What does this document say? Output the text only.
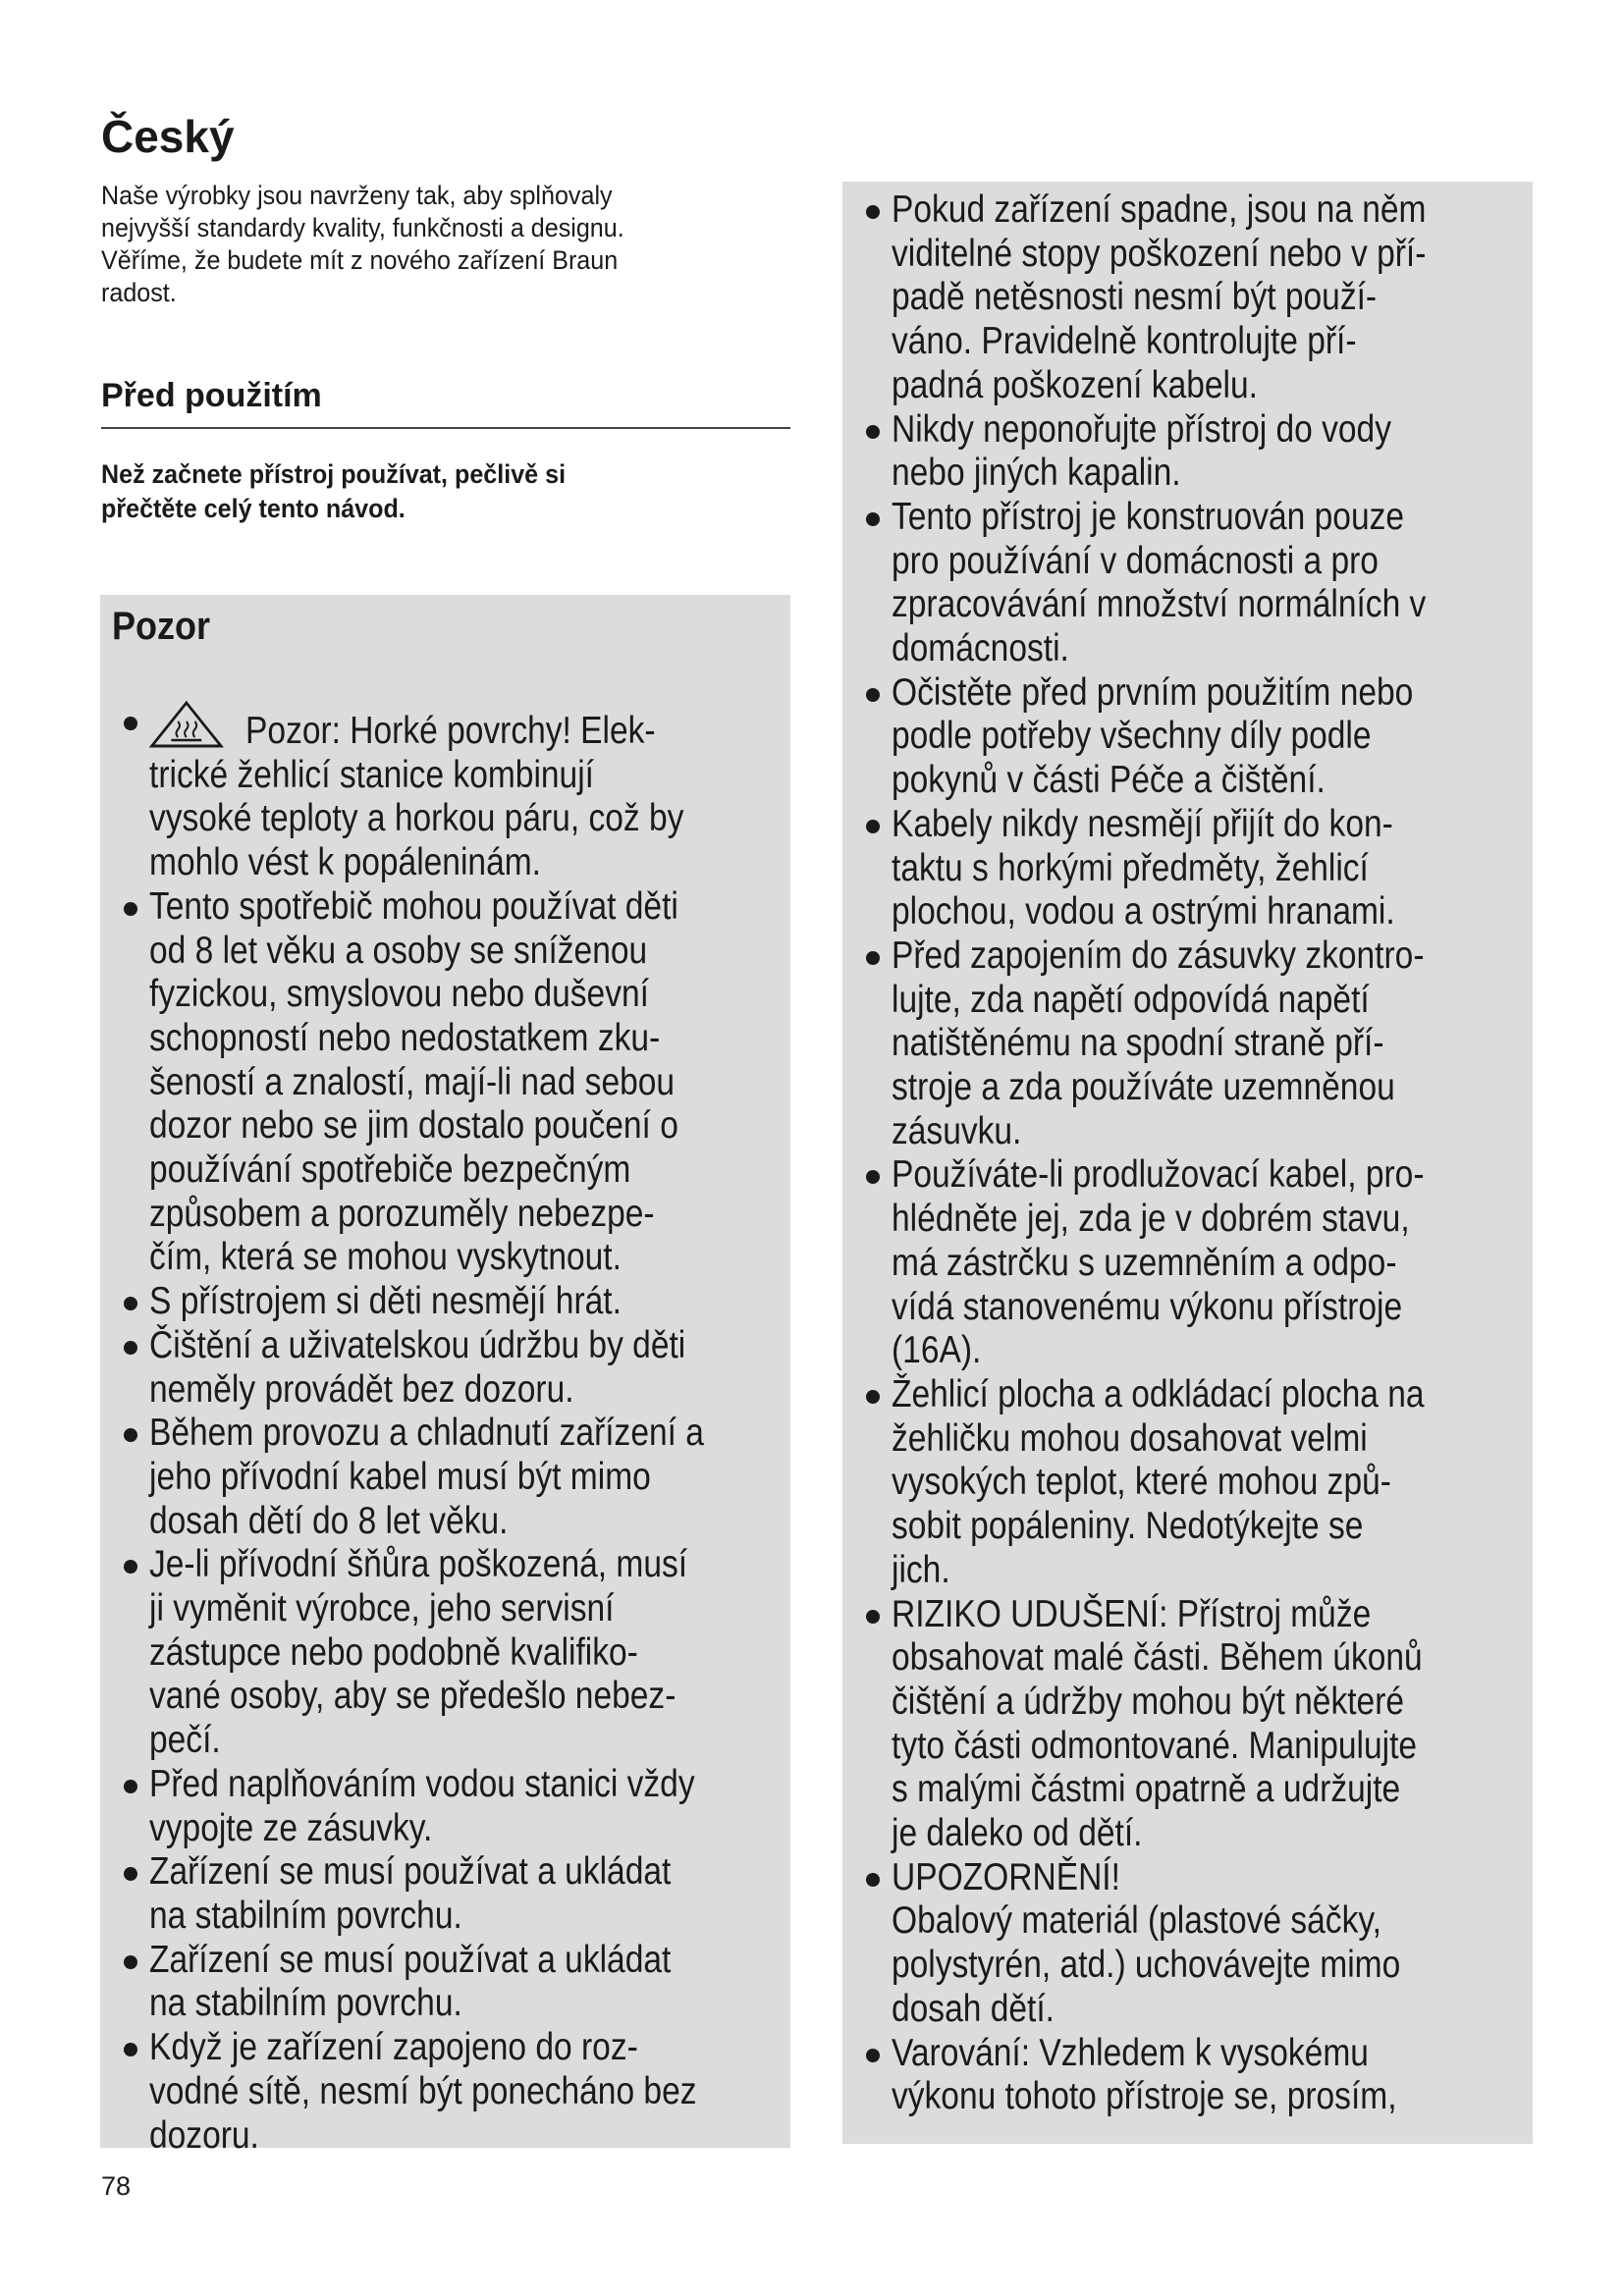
Český
Naše výrobky jsou navrženy tak, aby splňovaly
nejvyšší standardy kvality, funkčnosti a designu.
Věříme, že budete mít z nového zařízení Braun
radost.
Před použitím
Než začnete přístroj používat, pečlivě si
přečtěte celý tento návod.
Pozor
Pozor: Horké povrchy! Elek-
trické žehlicí stanice kombinují
vysoké teploty a horkou páru, což by
mohlo vést k popáleninám.
Tento spotřebič mohou používat děti
od 8 let věku a osoby se sníženou
fyzickou, smyslovou nebo duševní
schopností nebo nedostatkem zku-
šeností a znalostí, mají-li nad sebou
dozor nebo se jim dostalo poučení o
používání spotřebiče bezpečným
způsobem a porozuměly nebezpe-
čím, která se mohou vyskytnout.
S přístrojem si děti nesmějí hrát.
Čištění a uživatelskou údržbu by děti
neměly provádět bez dozoru.
Během provozu a chladnutí zařízení a
jeho přívodní kabel musí být mimo
dosah dětí do 8 let věku.
Je-li přívodní šňůra poškozená, musí
ji vyměnit výrobce, jeho servisní
zástupce nebo podobně kvalifiko-
vané osoby, aby se předešlo nebez-
pečí.
Před naplňováním vodou stanici vždy
vypojte ze zásuvky.
Zařízení se musí používat a ukládat
na stabilním povrchu.
Zařízení se musí používat a ukládat
na stabilním povrchu.
Když je zařízení zapojeno do roz-
vodné sítě, nesmí být ponecháno bez
dozoru.
Pokud zařízení spadne, jsou na něm
viditelné stopy poškození nebo v pří-
padě netěsnosti nesmí být použí-
váno. Pravidelně kontrolujte pří-
padná poškození kabelu.
Nikdy neponořujte přístroj do vody
nebo jiných kapalin.
Tento přístroj je konstruován pouze
pro používání v domácnosti a pro
zpracovávání množství normálních v
domácnosti.
Očistěte před prvním použitím nebo
podle potřeby všechny díly podle
pokynů v části Péče a čištění.
Kabely nikdy nesmějí přijít do kon-
taktu s horkými předměty, žehlicí
plochou, vodou a ostrými hranami.
Před zapojením do zásuvky zkontro-
lujte, zda napětí odpovídá napětí
natištěnému na spodní straně pří-
stroje a zda používáte uzemněnou
zásuvku.
Používáte-li prodlužovací kabel, pro-
hlédněte jej, zda je v dobrém stavu,
má zástrčku s uzemněním a odpo-
vídá stanovenému výkonu přístroje
(16A).
Žehlicí plocha a odkládací plocha na
žehličku mohou dosahovat velmi
vysokých teplot, které mohou způ-
sobit popáleniny. Nedotýkejte se
jich.
RIZIKO UDUŠENÍ: Přístroj může
obsahovat malé části. Během úkonů
čištění a údržby mohou být některé
tyto části odmontované. Manipulujte
s malými částmi opatrně a udržujte
je daleko od dětí.
UPOZORNĚNÍ!
Obalový materiál (plastové sáčky,
polystyrén, atd.) uchovávejte mimo
dosah dětí.
Varování: Vzhledem k vysokému
výkonu tohoto přístroje se, prosím,
78
